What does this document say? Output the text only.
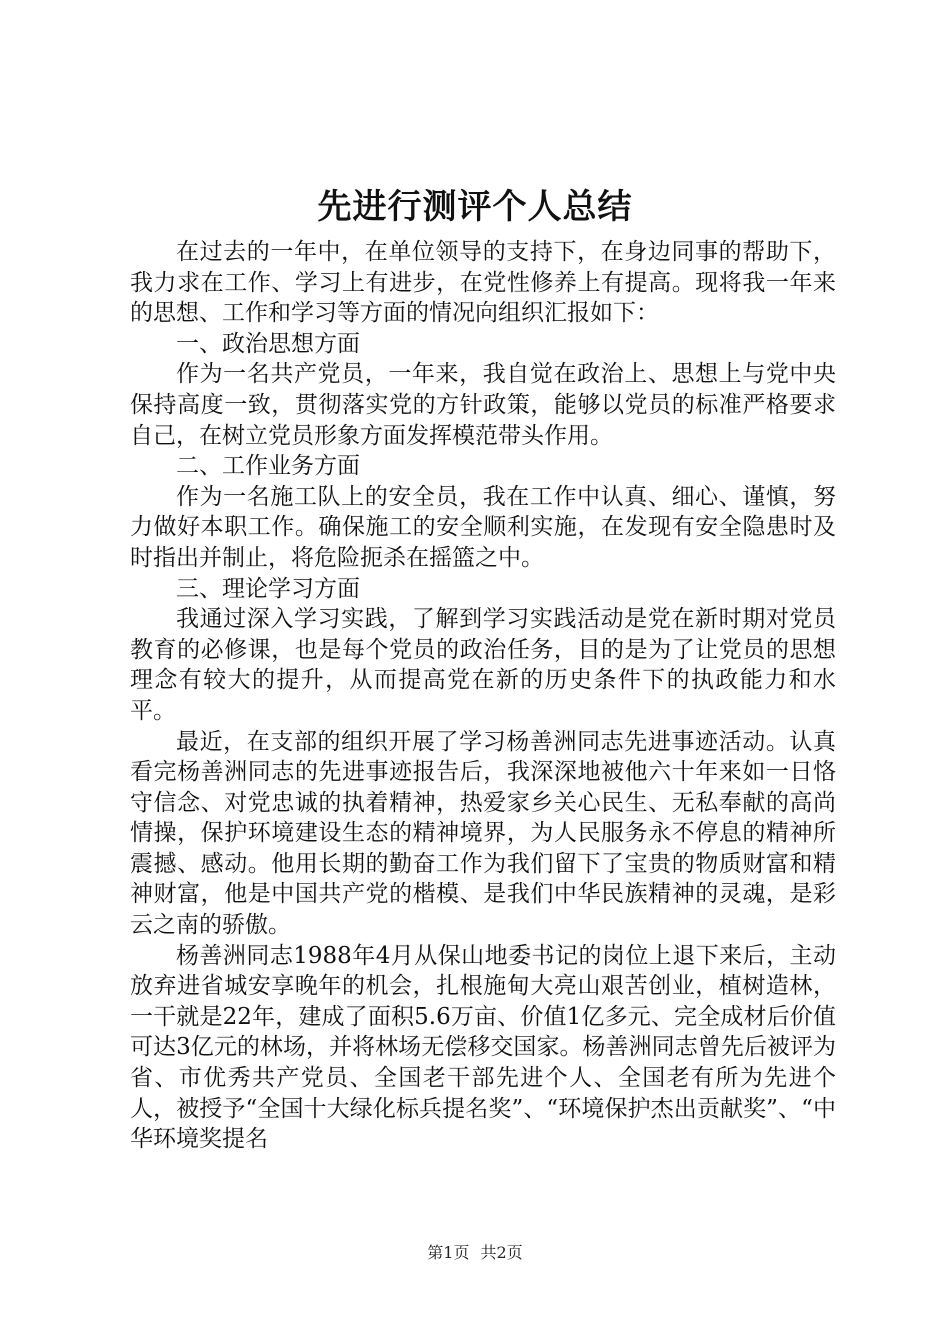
先进行测评个人总结

在过去的一年中，在单位领导的支持下，在身边同事的帮助下，我力求在工作、学习上有进步，在党性修养上有提高。现将我一年来的思想、工作和学习等方面的情况向组织汇报如下：

一、政治思想方面

作为一名共产党员，一年来，我自觉在政治上、思想上与党中央保持高度一致，贯彻落实党的方针政策，能够以党员的标准严格要求自己，在树立党员形象方面发挥模范带头作用。

二、工作业务方面

作为一名施工队上的安全员，我在工作中认真、细心、谨慎，努力做好本职工作。确保施工的安全顺利实施，在发现有安全隐患时及时指出并制止，将危险扼杀在摇篮之中。

三、理论学习方面

我通过深入学习实践，了解到学习实践活动是党在新时期对党员教育的必修课，也是每个党员的政治任务，目的是为了让党员的思想理念有较大的提升，从而提高党在新的历史条件下的执政能力和水平。

最近，在支部的组织开展了学习杨善洲同志先进事迹活动。认真看完杨善洲同志的先进事迹报告后，我深深地被他六十年来如一日恪守信念、对党忠诚的执着精神，热爱家乡关心民生、无私奉献的高尚情操，保护环境建设生态的精神境界，为人民服务永不停息的精神所震撼、感动。他用长期的勤奋工作为我们留下了宝贵的物质财富和精神财富，他是中国共产党的楷模、是我们中华民族精神的灵魂，是彩云之南的骄傲。

杨善洲同志1988年4月从保山地委书记的岗位上退下来后，主动放弃进省城安享晚年的机会，扎根施甸大亮山艰苦创业，植树造林，一干就是22年，建成了面积5.6万亩、价值1亿多元、完全成材后价值可达3亿元的林场，并将林场无偿移交国家。杨善洲同志曾先后被评为省、市优秀共产党员、全国老干部先进个人、全国老有所为先进个人，被授予“全国十大绿化标兵提名奖”、“环境保护杰出贡献奖”、“中华环境奖提名

第1页 共2页
